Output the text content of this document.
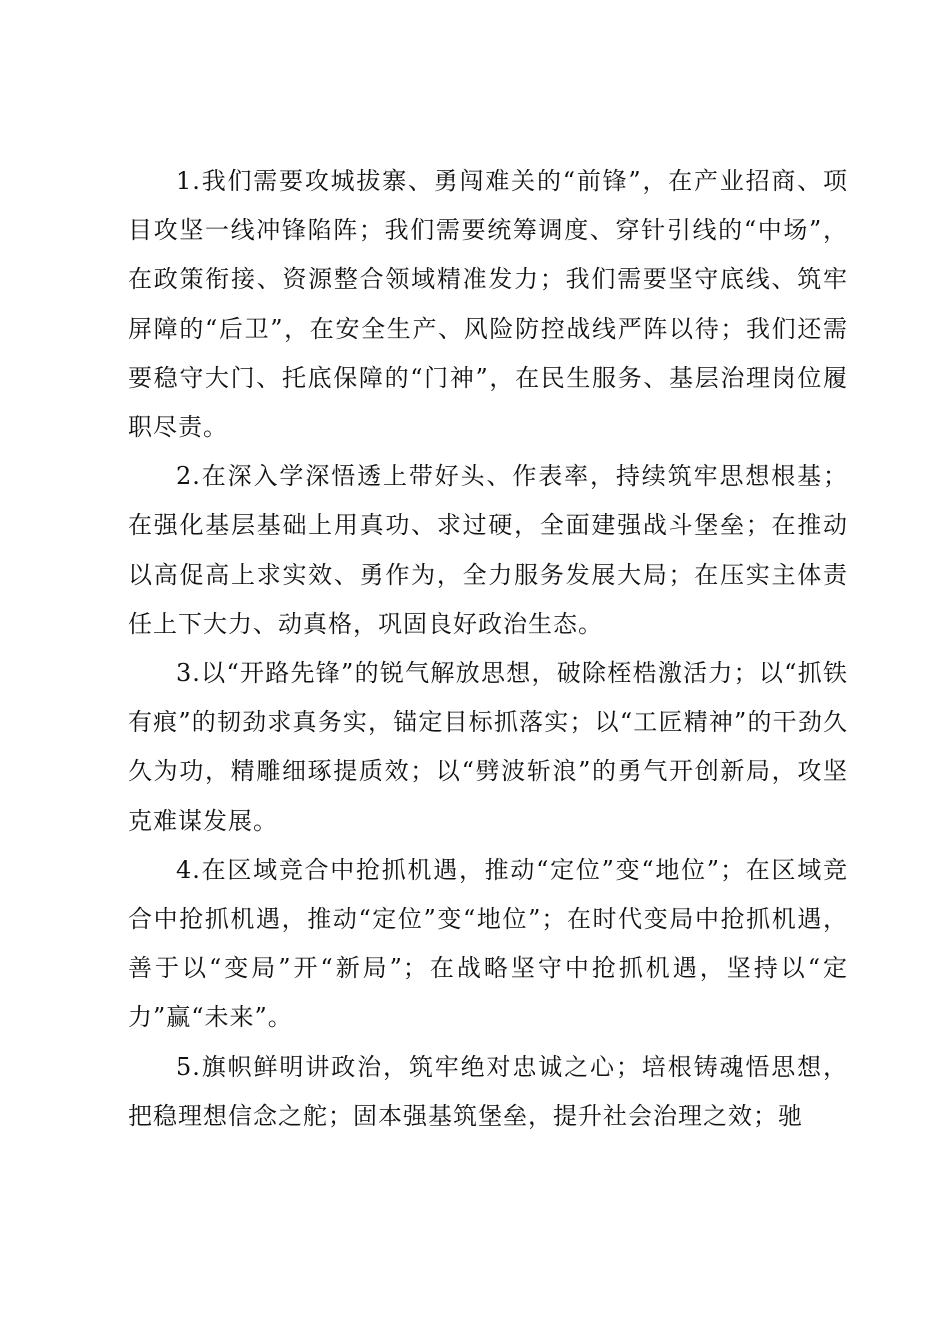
1.我们需要攻城拔寨、勇闯难关的“前锋”，在产业招商、项目攻坚一线冲锋陷阵；我们需要统筹调度、穿针引线的“中场”，在政策衔接、资源整合领域精准发力；我们需要坚守底线、筑牢屏障的“后卫”，在安全生产、风险防控战线严阵以待；我们还需要稳守大门、托底保障的“门神”，在民生服务、基层治理岗位履职尽责。

2.在深入学深悟透上带好头、作表率，持续筑牢思想根基；在强化基层基础上用真功、求过硬，全面建强战斗堡垒；在推动以高促高上求实效、勇作为，全力服务发展大局；在压实主体责任上下大力、动真格，巩固良好政治生态。

3.以“开路先锋”的锐气解放思想，破除桎梏激活力；以“抓铁有痕”的韧劲求真务实，锚定目标抓落实；以“工匠精神”的干劲久久为功，精雕细琢提质效；以“劈波斩浪”的勇气开创新局，攻坚克难谋发展。

4.在区域竞合中抢抓机遇，推动“定位”变“地位”；在区域竞合中抢抓机遇，推动“定位”变“地位”；在时代变局中抢抓机遇，善于以“变局”开“新局”；在战略坚守中抢抓机遇，坚持以“定力”赢“未来”。

5.旗帜鲜明讲政治，筑牢绝对忠诚之心；培根铸魂悟思想，把稳理想信念之舵；固本强基筑堡垒，提升社会治理之效；驰
